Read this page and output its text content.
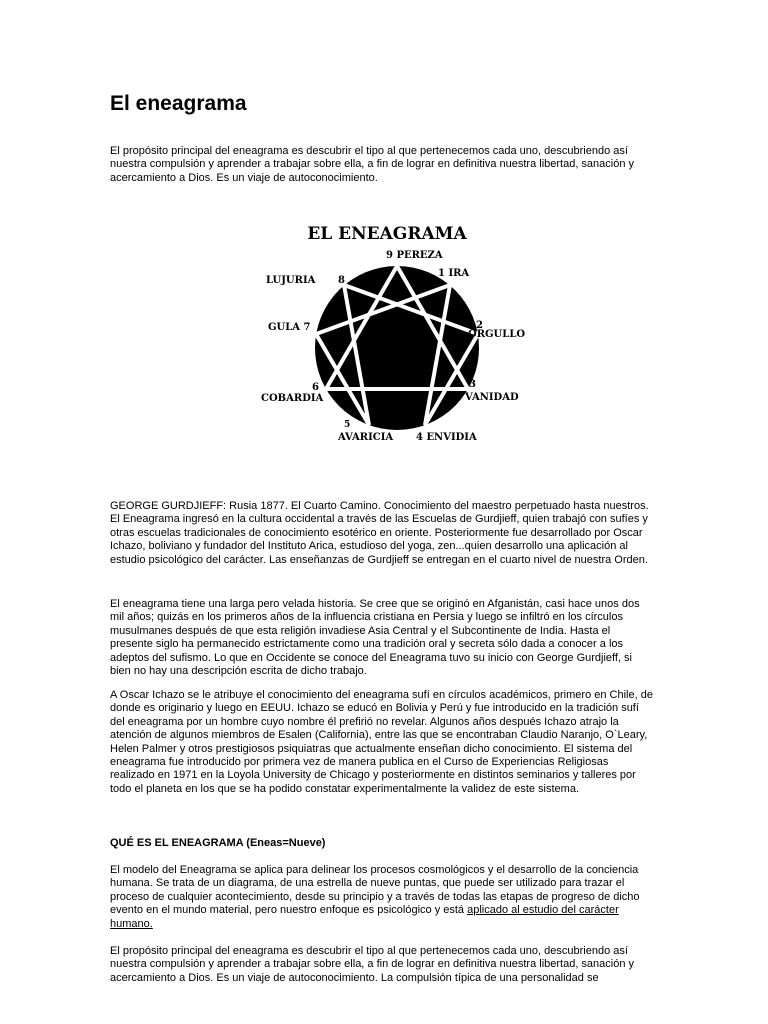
El eneagrama

El propósito principal del eneagrama es descubrir el tipo al que pertenecemos cada uno, descubriendo así nuestra compulsión y aprender a trabajar sobre ella, a fin de lograr en definitiva nuestra libertad, sanación y acercamiento a Dios. Es un viaje de autoconocimiento.

EL ENEAGRAMA
9 PEREZA
1 IRA
2
ORGULLO
3
VANIDAD
4 ENVIDIA
5
AVARICIA
6
COBARDIA
GULA 7
8
LUJURIA

GEORGE GURDJIEFF: Rusia 1877. El Cuarto Camino. Conocimiento del maestro perpetuado hasta nuestros. El Eneagrama ingresó en la cultura occidental a través de las Escuelas de Gurdjieff, quien trabajó con sufíes y otras escuelas tradicionales de conocimiento esotérico en oriente. Posteriormente fue desarrollado por Oscar Ichazo, boliviano y fundador del Instituto Arica, estudioso del yoga, zen...quien desarrollo una aplicación al estudio psicológico del carácter. Las enseñanzas de Gurdjieff se entregan en el cuarto nivel de nuestra Orden.

El eneagrama tiene una larga pero velada historia. Se cree que se originó en Afganistán, casi hace unos dos mil años; quizás en los primeros años de la influencia cristiana en Persia y luego se infiltró en los círculos musulmanes después de que esta religión invadiese Asia Central y el Subcontinente de India. Hasta el presente siglo ha permanecido estrictamente como una tradición oral y secreta sólo dada a conocer a los adeptos del sufismo. Lo que en Occidente se conoce del Eneagrama tuvo su inicio con George Gurdjieff, si bien no hay una descripción escrita de dicho trabajo.

A Oscar Ichazo se le atribuye el conocimiento del eneagrama sufí en círculos académicos, primero en Chile, de donde es originario y luego en EEUU. Ichazo se educó en Bolivia y Perú y fue introducido en la tradición sufí del eneagrama por un hombre cuyo nombre él prefirió no revelar. Algunos años después Ichazo atrajo la atención de algunos miembros de Esalen (California), entre las que se encontraban Claudio Naranjo, O`Leary, Helen Palmer y otros prestigiosos psiquiatras que actualmente enseñan dicho conocimiento. El sistema del eneagrama fue introducido por primera vez de manera publica en el Curso de Experiencias Religiosas realizado en 1971 en la Loyola University de Chicago y posteriormente en distintos seminarios y talleres por todo el planeta en los que se ha podido constatar experimentalmente la validez de este sistema.

QUÉ ES EL ENEAGRAMA (Eneas=Nueve)

El modelo del Eneagrama se aplica para delinear los procesos cosmológicos y el desarrollo de la conciencia humana. Se trata de un diagrama, de una estrella de nueve puntas, que puede ser utilizado para trazar el proceso de cualquier acontecimiento, desde su principio y a través de todas las etapas de progreso de dicho evento en el mundo material, pero nuestro enfoque es psicológico y está aplicado al estudio del carácter humano.

El propósito principal del eneagrama es descubrir el tipo al que pertenecemos cada uno, descubriendo así nuestra compulsión y aprender a trabajar sobre ella, a fin de lograr en definitiva nuestra libertad, sanación y acercamiento a Dios. Es un viaje de autoconocimiento. La compulsión típica de una personalidad se
